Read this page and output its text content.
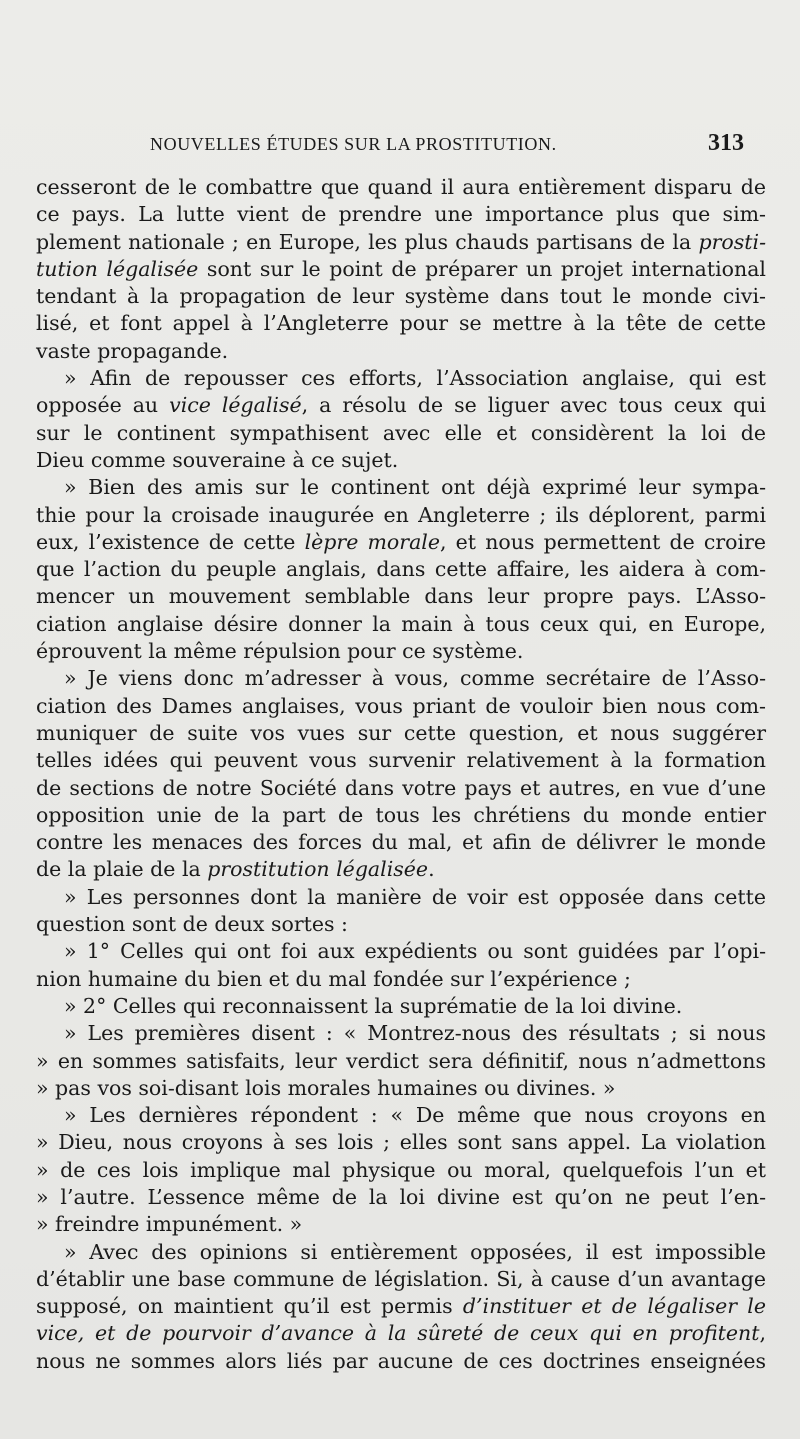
NOUVELLES ÉTUDES SUR LA PROSTITUTION.	313
cesseront de le combattre que quand il aura entièrement disparu de
ce pays. La lutte vient de prendre une importance plus que sim-
plement nationale ; en Europe, les plus chauds partisans de la prosti-
tution légalisée sont sur le point de préparer un projet international
tendant à la propagation de leur système dans tout le monde civi-
lisé, et font appel à l’Angleterre pour se mettre à la tête de cette
vaste propagande.
» Afin de repousser ces efforts, l’Association anglaise, qui est
opposée au vice légalisé, a résolu de se liguer avec tous ceux qui
sur le continent sympathisent avec elle et considèrent la loi de
Dieu comme souveraine à ce sujet.
» Bien des amis sur le continent ont déjà exprimé leur sympa-
thie pour la croisade inaugurée en Angleterre ; ils déplorent, parmi
eux, l’existence de cette lèpre morale, et nous permettent de croire
que l’action du peuple anglais, dans cette affaire, les aidera à com-
mencer un mouvement semblable dans leur propre pays. L’Asso-
ciation anglaise désire donner la main à tous ceux qui, en Europe,
éprouvent la même répulsion pour ce système.
» Je viens donc m’adresser à vous, comme secrétaire de l’Asso-
ciation des Dames anglaises, vous priant de vouloir bien nous com-
muniquer de suite vos vues sur cette question, et nous suggérer
telles idées qui peuvent vous survenir relativement à la formation
de sections de notre Société dans votre pays et autres, en vue d’une
opposition unie de la part de tous les chrétiens du monde entier
contre les menaces des forces du mal, et afin de délivrer le monde
de la plaie de la prostitution légalisée.
» Les personnes dont la manière de voir est opposée dans cette
question sont de deux sortes :
» 1° Celles qui ont foi aux expédients ou sont guidées par l’opi-
nion humaine du bien et du mal fondée sur l’expérience ;
» 2° Celles qui reconnaissent la suprématie de la loi divine.
» Les premières disent : « Montrez-nous des résultats ; si nous
» en sommes satisfaits, leur verdict sera définitif, nous n’admettons
» pas vos soi-disant lois morales humaines ou divines. »
» Les dernières répondent : « De même que nous croyons en
» Dieu, nous croyons à ses lois ; elles sont sans appel. La violation
» de ces lois implique mal physique ou moral, quelquefois l’un et
» l’autre. L’essence même de la loi divine est qu’on ne peut l’en-
» freindre impunément. »
» Avec des opinions si entièrement opposées, il est impossible
d’établir une base commune de législation. Si, à cause d’un avantage
supposé, on maintient qu’il est permis d’instituer et de légaliser le
vice, et de pourvoir d’avance à la sûreté de ceux qui en profitent,
nous ne sommes alors liés par aucune de ces doctrines enseignées
